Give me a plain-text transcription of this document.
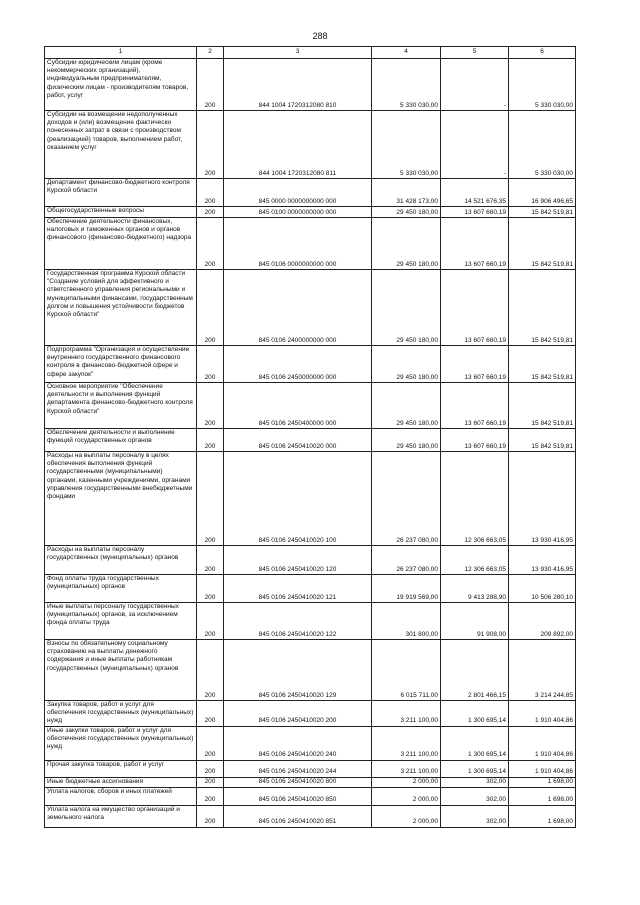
288
1	2	3	4	5	6
Субсидии юридическим лицам (кроме некоммерческих организаций), индивидуальным предпринимателям, физическим лицам - производителям товаров, работ, услуг	200	844 1004 1720312080 810	5 330 030,00	-	5 330 030,00
Субсидии на возмещение недополученных доходов и (или) возмещение фактически понесенных затрат в связи с производством (реализацией) товаров, выполнением работ, оказанием услуг	200	844 1004 1720312080 811	5 330 030,00	-	5 330 030,00
Департамент финансово-бюджетного контроля Курской области	200	845 0000 0000000000 000	31 428 173,00	14 521 676,35	16 906 496,65
Общегосударственные вопросы	200	845 0100 0000000000 000	29 450 180,00	13 607 660,19	15 842 519,81
Обеспечение деятельности финансовых, налоговых и таможенных органов и органов финансового (финансово-бюджетного) надзора	200	845 0106 0000000000 000	29 450 180,00	13 607 660,19	15 842 519,81
Государственная программа Курской области "Создание условий для эффективного и ответственного управления региональными и муниципальными финансами, государственным долгом и повышения устойчивости бюджетов Курской области"	200	845 0106 2400000000 000	29 450 180,00	13 607 660,19	15 842 519,81
Подпрограмма "Организация и осуществление внутреннего государственного финансового контроля в финансово-бюджетной сфере и сфере закупок"	200	845 0106 2450000000 000	29 450 180,00	13 607 660,19	15 842 519,81
Основное мероприятие "Обеспечение деятельности и выполнения функций департамента финансово-бюджетного контроля Курской области"	200	845 0106 2450400000 000	29 450 180,00	13 607 660,19	15 842 519,81
Обеспечение деятельности и выполнение функций государственных органов	200	845 0106 2450410020 000	29 450 180,00	13 607 660,19	15 842 519,81
Расходы на выплаты персоналу в целях обеспечения выполнения функций государственными (муниципальными) органами, казенными учреждениями, органами управления государственными внебюджетными фондами	200	845 0106 2450410020 100	26 237 080,00	12 306 663,05	13 930 416,95
Расходы на выплаты персоналу государственных (муниципальных) органов	200	845 0106 2450410020 120	26 237 080,00	12 306 663,05	13 930 416,95
Фонд оплаты труда государственных (муниципальных) органов	200	845 0106 2450410020 121	19 919 569,00	9 413 288,90	10 506 280,10
Иные выплаты персоналу государственных (муниципальных) органов, за исключением фонда оплаты труда	200	845 0106 2450410020 122	301 800,00	91 908,00	209 892,00
Взносы по обязательному социальному страхованию на выплаты денежного содержания и иные выплаты работникам государственных (муниципальных) органов	200	845 0106 2450410020 129	6 015 711,00	2 801 466,15	3 214 244,85
Закупка товаров, работ и услуг для обеспечения государственных (муниципальных) нужд	200	845 0106 2450410020 200	3 211 100,00	1 300 695,14	1 910 404,86
Иные закупки товаров, работ и услуг для обеспечения государственных (муниципальных) нужд	200	845 0106 2450410020 240	3 211 100,00	1 300 695,14	1 910 404,86
Прочая закупка товаров, работ и услуг	200	845 0106 2450410020 244	3 211 100,00	1 300 695,14	1 910 404,86
Иные бюджетные ассигнования	200	845 0106 2450410020 800	2 000,00	302,00	1 698,00
Уплата налогов, сборов и иных платежей	200	845 0106 2450410020 850	2 000,00	302,00	1 698,00
Уплата налога на имущество организаций и земельного налога	200	845 0106 2450410020 851	2 000,00	302,00	1 698,00
